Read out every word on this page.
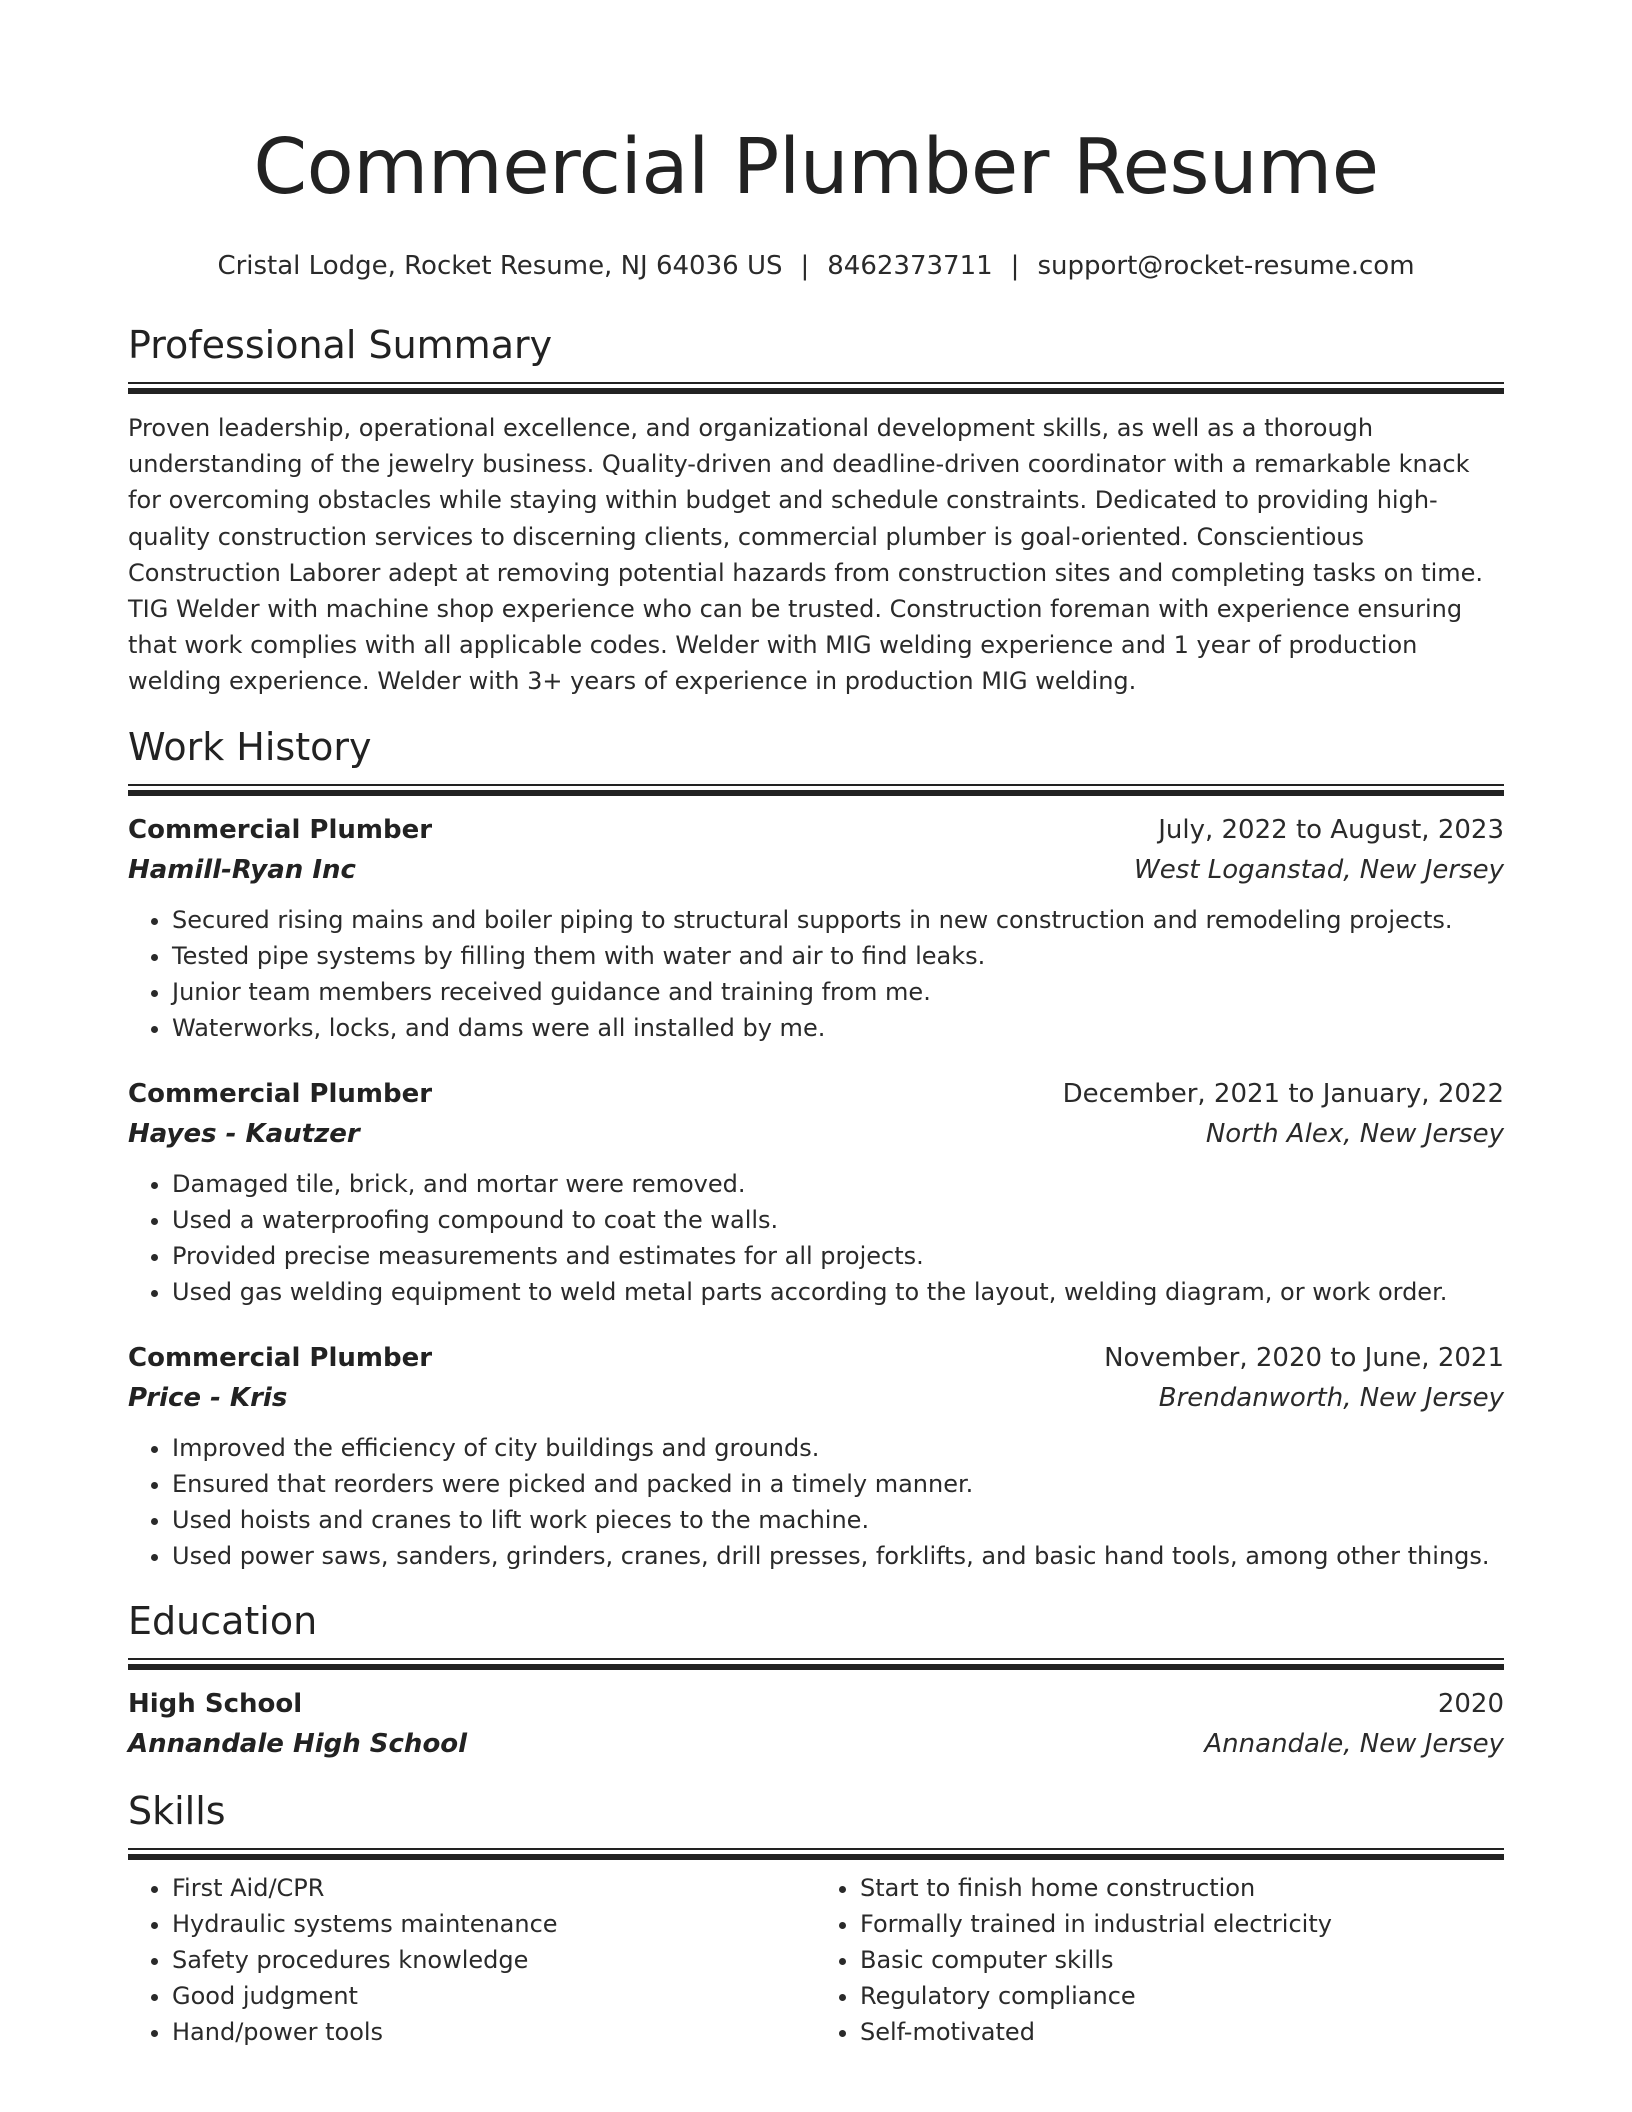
Commercial Plumber Resume
Cristal Lodge, Rocket Resume, NJ 64036 US | 8462373711 | support@rocket-resume.com
Professional Summary

Proven leadership, operational excellence, and organizational development skills, as well as a thorough understanding of the jewelry business. Quality-driven and deadline-driven coordinator with a remarkable knack for overcoming obstacles while staying within budget and schedule constraints. Dedicated to providing high-quality construction services to discerning clients, commercial plumber is goal-oriented. Conscientious Construction Laborer adept at removing potential hazards from construction sites and completing tasks on time. TIG Welder with machine shop experience who can be trusted. Construction foreman with experience ensuring that work complies with all applicable codes. Welder with MIG welding experience and 1 year of production welding experience. Welder with 3+ years of experience in production MIG welding.

Work History
Commercial Plumber	July, 2022 to August, 2023
Hamill-Ryan Inc	West Loganstad, New Jersey
• Secured rising mains and boiler piping to structural supports in new construction and remodeling projects.
• Tested pipe systems by filling them with water and air to find leaks.
• Junior team members received guidance and training from me.
• Waterworks, locks, and dams were all installed by me.
Commercial Plumber	December, 2021 to January, 2022
Hayes - Kautzer	North Alex, New Jersey
• Damaged tile, brick, and mortar were removed.
• Used a waterproofing compound to coat the walls.
• Provided precise measurements and estimates for all projects.
• Used gas welding equipment to weld metal parts according to the layout, welding diagram, or work order.
Commercial Plumber	November, 2020 to June, 2021
Price - Kris	Brendanworth, New Jersey
• Improved the efficiency of city buildings and grounds.
• Ensured that reorders were picked and packed in a timely manner.
• Used hoists and cranes to lift work pieces to the machine.
• Used power saws, sanders, grinders, cranes, drill presses, forklifts, and basic hand tools, among other things.
Education
High School	2020
Annandale High School	Annandale, New Jersey
Skills
• First Aid/CPR
• Hydraulic systems maintenance
• Safety procedures knowledge
• Good judgment
• Hand/power tools
• Start to finish home construction
• Formally trained in industrial electricity
• Basic computer skills
• Regulatory compliance
• Self-motivated
